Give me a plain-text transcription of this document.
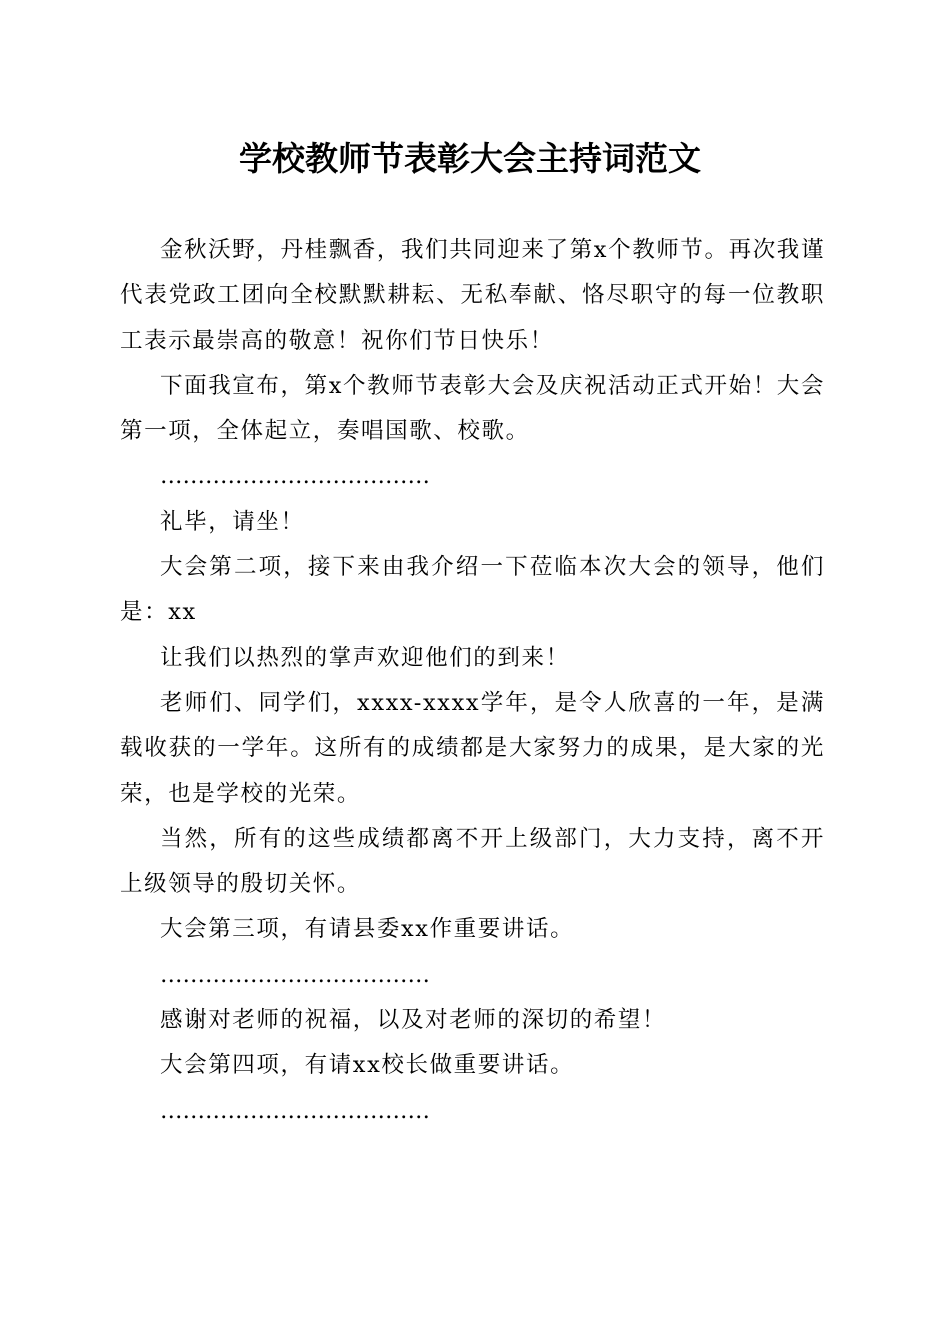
学校教师节表彰大会主持词范文

金秋沃野，丹桂飘香，我们共同迎来了第x个教师节。再次我谨代表党政工团向全校默默耕耘、无私奉献、恪尽职守的每一位教职工表示最崇高的敬意！祝你们节日快乐！

下面我宣布，第x个教师节表彰大会及庆祝活动正式开始！大会第一项，全体起立，奏唱国歌、校歌。

………………………………

礼毕，请坐！

大会第二项，接下来由我介绍一下莅临本次大会的领导，他们是：xx

让我们以热烈的掌声欢迎他们的到来！

老师们、同学们，xxxx-xxxx学年，是令人欣喜的一年，是满载收获的一学年。这所有的成绩都是大家努力的成果，是大家的光荣，也是学校的光荣。

当然，所有的这些成绩都离不开上级部门，大力支持，离不开上级领导的殷切关怀。

大会第三项，有请县委xx作重要讲话。

………………………………

感谢对老师的祝福，以及对老师的深切的希望！

大会第四项，有请xx校长做重要讲话。

………………………………
